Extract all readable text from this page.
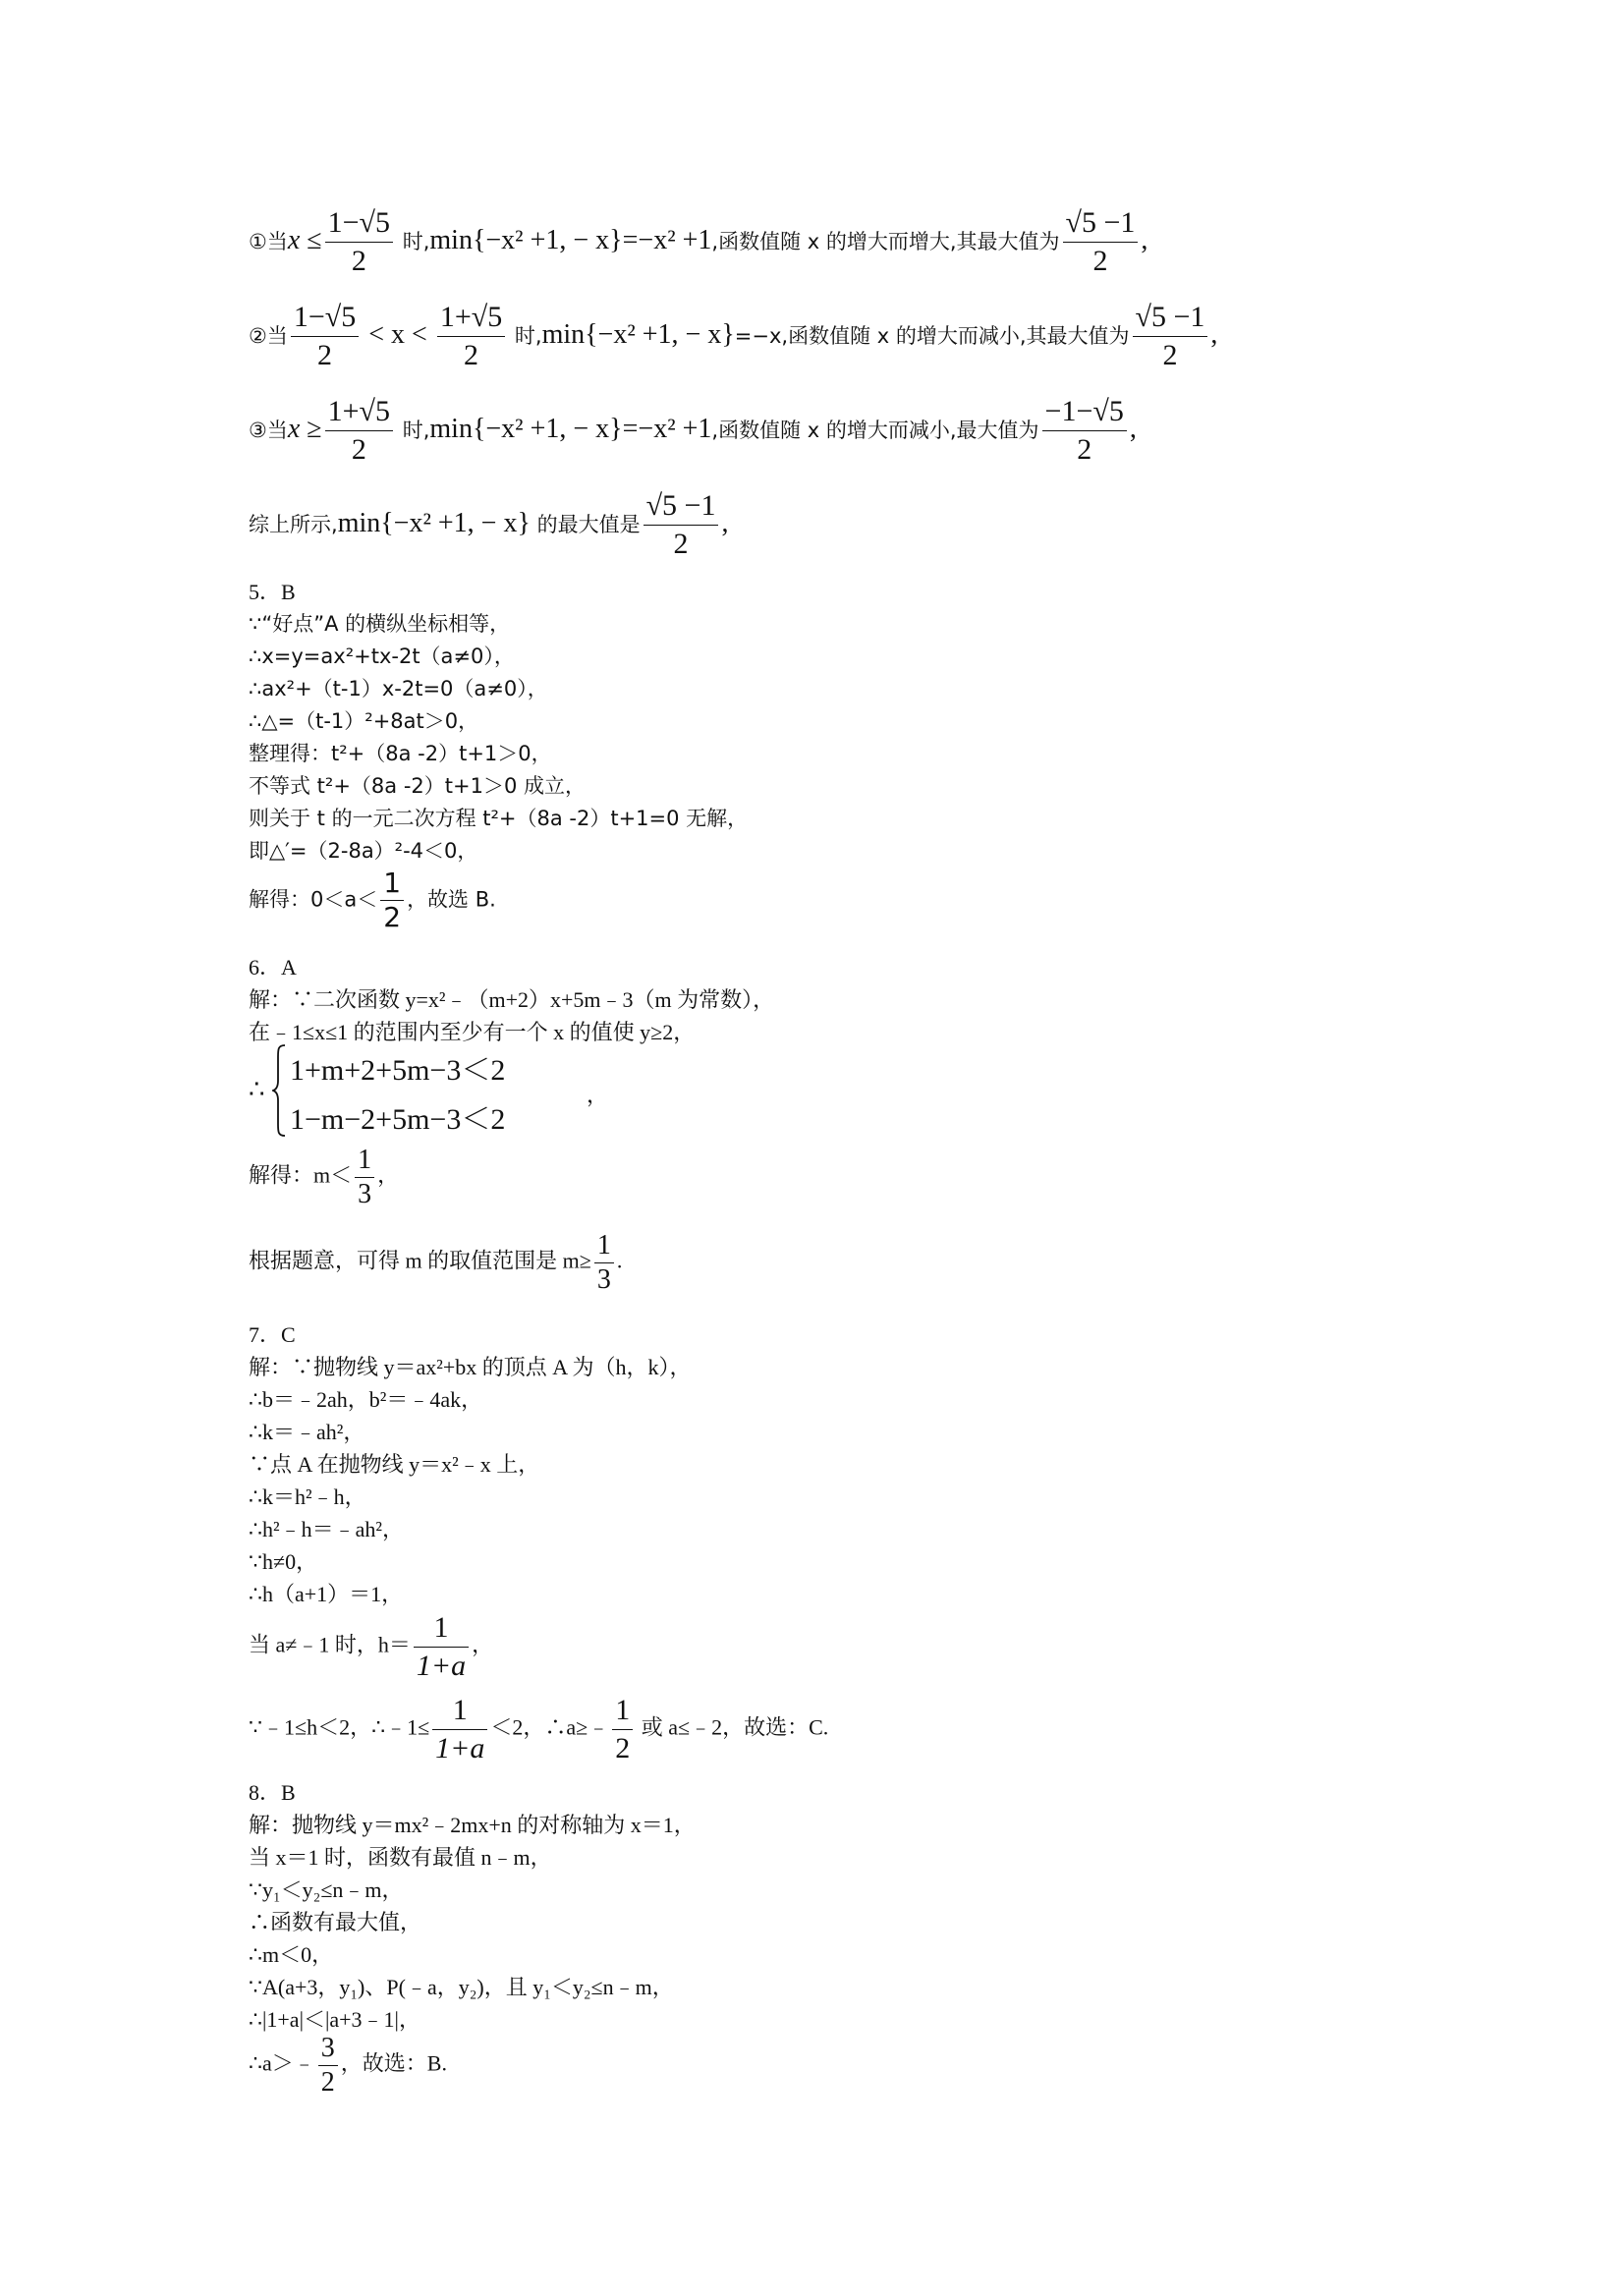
①当$x \le \frac{1-√5}{2}$ 时,min{−x² +1, − x}=−x² +1,函数值随 x 的增大而增大,其最大值为 $\frac{√5 -1}{2}$ ,
②当 $\frac{1-√5}{2} < x < \frac{1+√5}{2}$ 时,min{−x² +1, − x}=−x,函数值随 x 的增大而减小,其最大值为 $\frac{√5 -1}{2}$ ,
③当$x \ge \frac{1+√5}{2}$ 时,min{−x² +1, − x}=−x² +1,函数值随 x 的增大而减小,最大值为 $\frac{-1-√5}{2}$ ,
综上所示,min{−x² +1, − x} 的最大值是 $\frac{√5 -1}{2}$ ,
5．B
∵“好点”A 的横纵坐标相等，
∴x=y=ax²+tx-2t（a≠0），
∴ax²+（t-1）x-2t=0（a≠0），
∴△=（t-1）²+8at＞0，
整理得：t²+（8a -2）t+1＞0，
不等式 t²+（8a -2）t+1＞0 成立，
则关于 t 的一元二次方程 t²+（8a -2）t+1=0 无解，
即△′=（2-8a）²-4＜0，
解得：$0<a< \frac{1}{2}$ ，故选 B.
6．A
解：∵二次函数 y=x²﹣（m+2）x+5m﹣3（m 为常数），
在﹣1≤x≤1 的范围内至少有一个 x 的值使 y≥2，
∴
1+m+2+5m−3＜2
1−m−2+5m−3＜2
，
解得：$m< \frac{1}{3}$ ，
根据题意，可得 m 的取值范围是 $m\ge \frac{1}{3}$ .
7．C
解：∵抛物线 y＝ax²+bx 的顶点 A 为（h，k），
∴b＝﹣2ah，b²＝﹣4ak，
∴k＝﹣ah²，
∵点 A 在抛物线 y＝x²﹣x 上，
∴k＝h²﹣h，
∴h²﹣h＝﹣ah²，
∵h≠0，
∴h（a+1）＝1，
当 a≠﹣1 时，$h= \frac{1}{1+a}$ ，
∵﹣1≤h＜2，∴﹣1≤ $\frac{1}{1+a} <2$，∴a≥﹣ $\frac{1}{2}$ 或 a≤﹣2，故选：C.
8．B
解：抛物线 y＝mx²﹣2mx+n 的对称轴为 x＝1，
当 x＝1 时，函数有最值 n﹣m，
∵y₁＜y₂≤n﹣m，
∴函数有最大值，
∴m＜0，
∵A(a+3，y₁)、P(﹣a，y₂)，且 y₁＜y₂≤n﹣m，
∴|1+a|＜|a+3﹣1|，
∴a＞﹣ $\frac{3}{2}$ ，故选：B.
